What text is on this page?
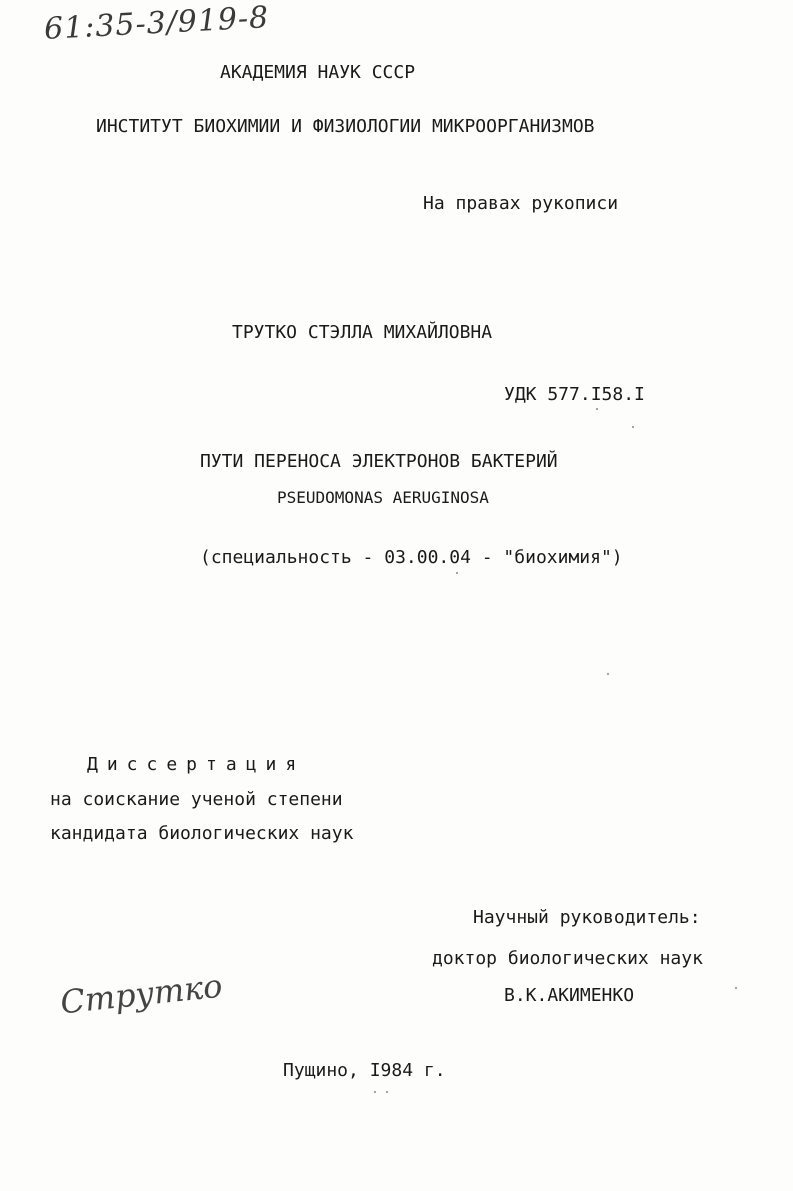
61:35-3/919-8
АКАДЕМИЯ НАУК СССР
ИНСТИТУТ БИОХИМИИ И ФИЗИОЛОГИИ МИКРООРГАНИЗМОВ
На правах рукописи
ТРУТКО СТЭЛЛА МИХАЙЛОВНА
УДК 577.I58.I
ПУТИ ПЕРЕНОСА ЭЛЕКТРОНОВ БАКТЕРИЙ
PSEUDOMONAS AERUGINOSA
(специальность - 03.00.04 - "биохимия")
Диссертация
на соискание ученой степени
кандидата биологических наук
Научный руководитель:
доктор биологических наук
В.К.АКИМЕНКО
Струтко
Пущино, I984 г.
